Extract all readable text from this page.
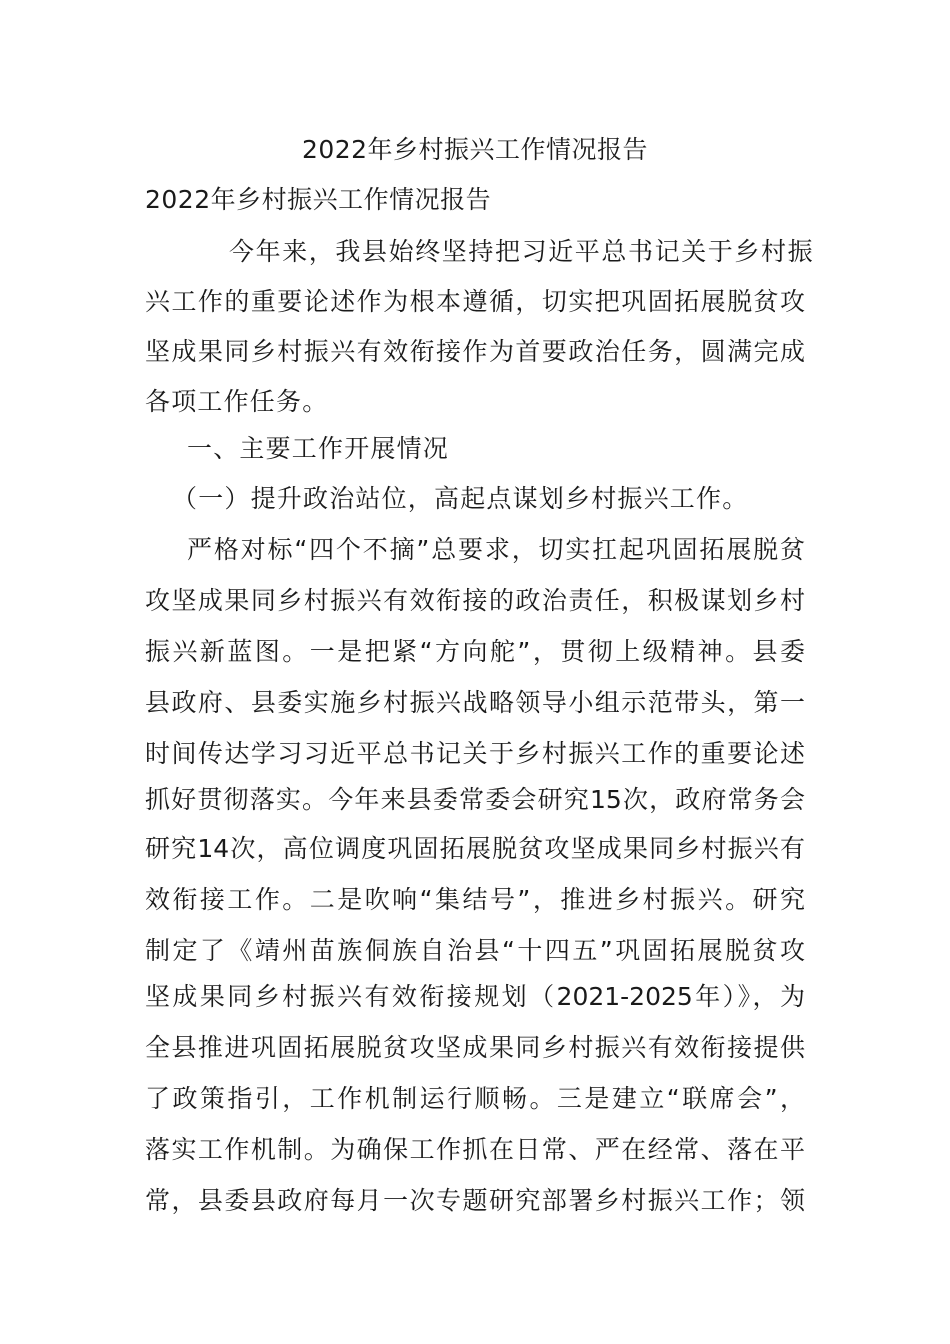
2022年乡村振兴工作情况报告
2022年乡村振兴工作情况报告
今年来，我县始终坚持把习近平总书记关于乡村振
兴工作的重要论述作为根本遵循，切实把巩固拓展脱贫攻
坚成果同乡村振兴有效衔接作为首要政治任务，圆满完成
各项工作任务。
一、主要工作开展情况
（一）提升政治站位，高起点谋划乡村振兴工作。
严格对标“四个不摘”总要求，切实扛起巩固拓展脱贫
攻坚成果同乡村振兴有效衔接的政治责任，积极谋划乡村
振兴新蓝图。一是把紧“方向舵”，贯彻上级精神。县委
县政府、县委实施乡村振兴战略领导小组示范带头，第一
时间传达学习习近平总书记关于乡村振兴工作的重要论述
抓好贯彻落实。今年来县委常委会研究15次，政府常务会
研究14次，高位调度巩固拓展脱贫攻坚成果同乡村振兴有
效衔接工作。二是吹响“集结号”，推进乡村振兴。研究
制定了《靖州苗族侗族自治县“十四五”巩固拓展脱贫攻
坚成果同乡村振兴有效衔接规划（2021-2025年）》，为
全县推进巩固拓展脱贫攻坚成果同乡村振兴有效衔接提供
了政策指引，工作机制运行顺畅。三是建立“联席会”，
落实工作机制。为确保工作抓在日常、严在经常、落在平
常，县委县政府每月一次专题研究部署乡村振兴工作；领
